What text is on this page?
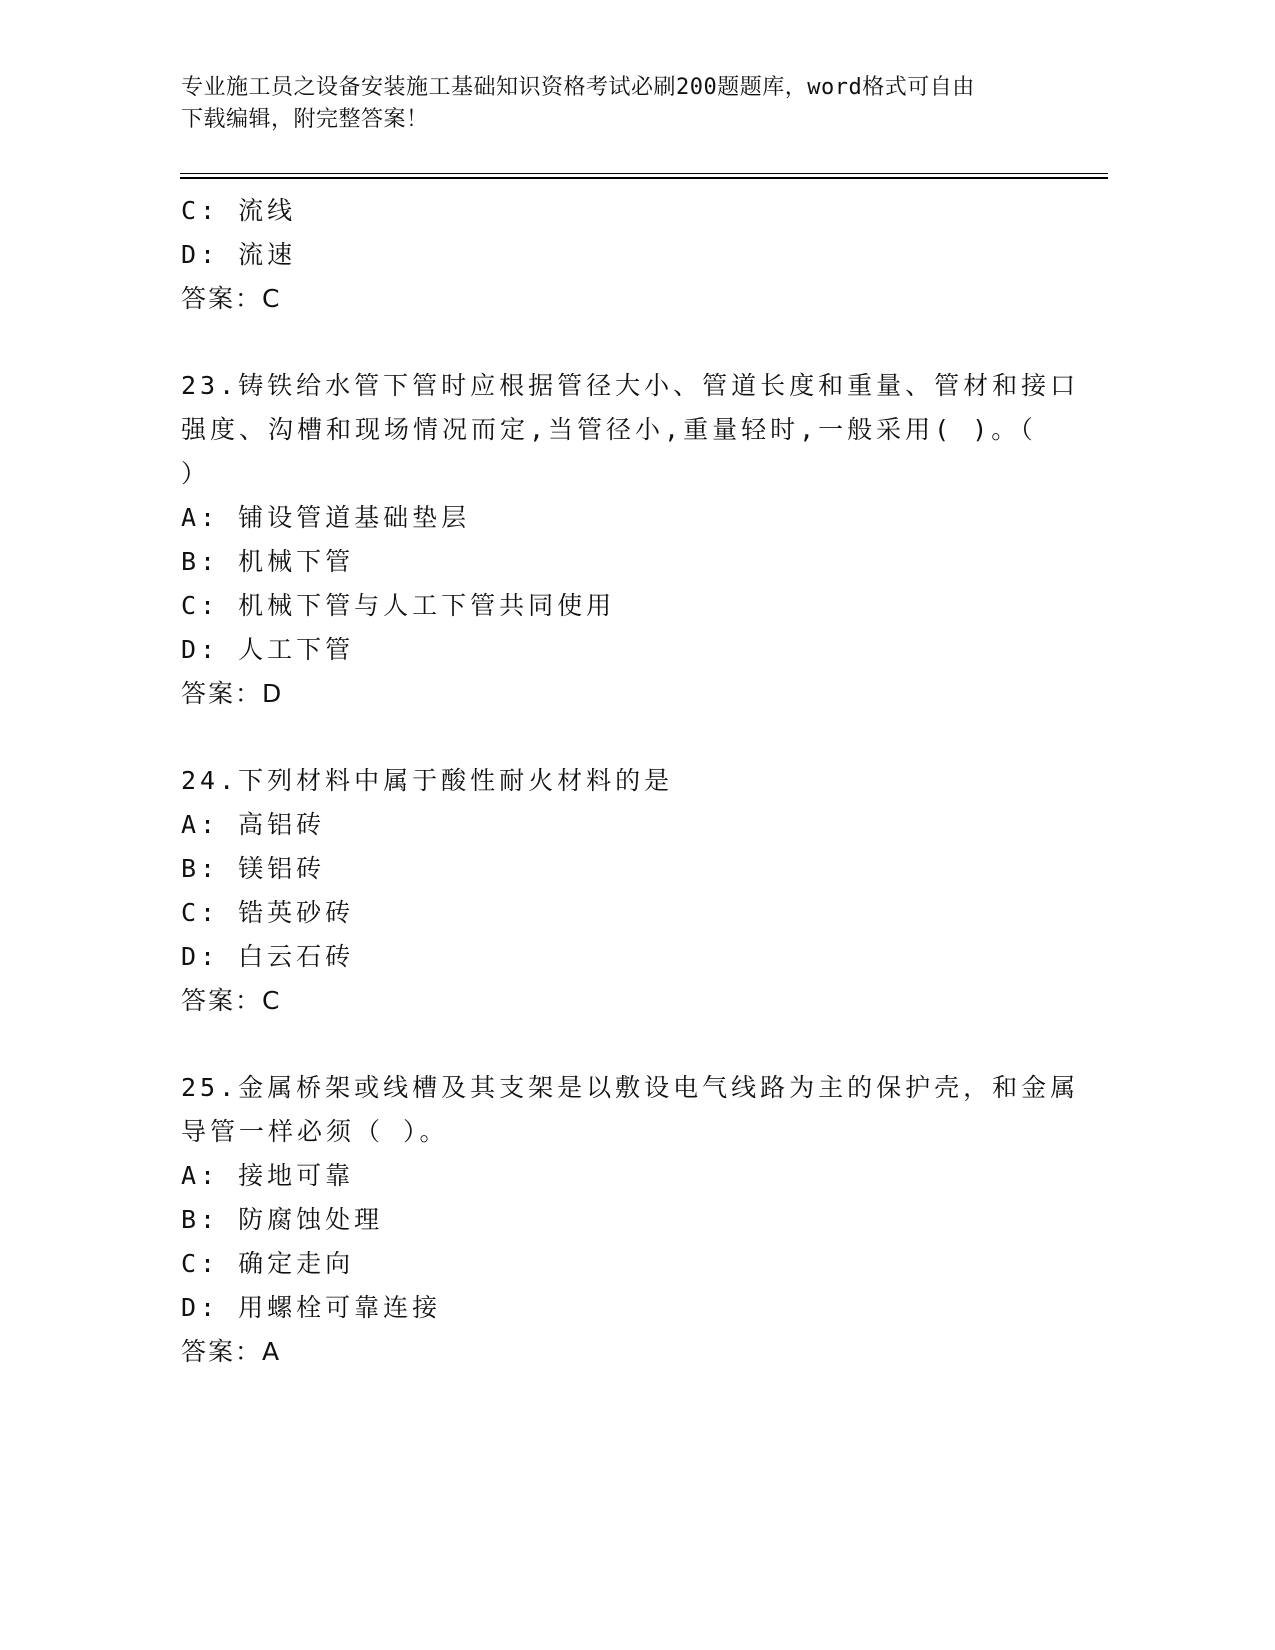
专业施工员之设备安装施工基础知识资格考试必刷200题题库，word格式可自由
下载编辑，附完整答案！
C: 流线
D: 流速
答案：C
23.铸铁给水管下管时应根据管径大小、管道长度和重量、管材和接口
强度、沟槽和现场情况而定,当管径小,重量轻时,一般采用( )。（
）
A: 铺设管道基础垫层
B: 机械下管
C: 机械下管与人工下管共同使用
D: 人工下管
答案：D
24.下列材料中属于酸性耐火材料的是
A: 高铝砖
B: 镁铝砖
C: 锆英砂砖
D: 白云石砖
答案：C
25.金属桥架或线槽及其支架是以敷设电气线路为主的保护壳，和金属
导管一样必须（ ）。
A: 接地可靠
B: 防腐蚀处理
C: 确定走向
D: 用螺栓可靠连接
答案：A
